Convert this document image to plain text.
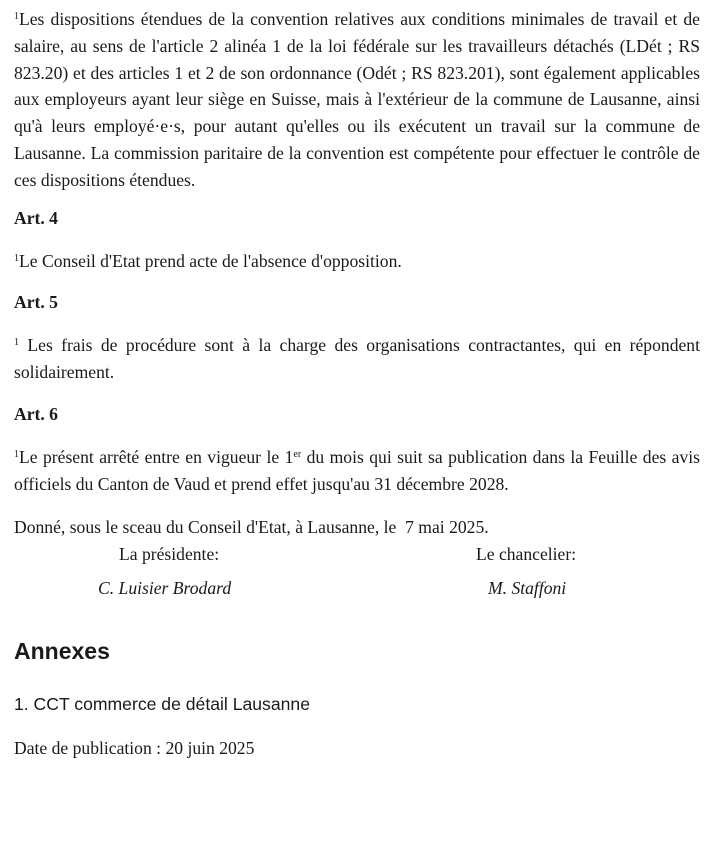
$^1$Les dispositions étendues de la convention relatives aux conditions minimales de travail et de salaire, au sens de l'article 2 alinéa 1 de la loi fédérale sur les travailleurs détachés (LDét ; RS 823.20) et des articles 1 et 2 de son ordonnance (Odét ; RS 823.201), sont également applicables aux employeurs ayant leur siège en Suisse, mais à l'extérieur de la commune de Lausanne, ainsi qu'à leurs employé·e·s, pour autant qu'elles ou ils exécutent un travail sur la commune de Lausanne. La commission paritaire de la convention est compétente pour effectuer le contrôle de ces dispositions étendues.

Art. 4

$^1$Le Conseil d'Etat prend acte de l'absence d'opposition.

Art. 5

$^1$ Les frais de procédure sont à la charge des organisations contractantes, qui en répondent solidairement.

Art. 6

$^1$Le présent arrêté entre en vigueur le 1er du mois qui suit sa publication dans la Feuille des avis officiels du Canton de Vaud et prend effet jusqu'au 31 décembre 2028.

Donné, sous le sceau du Conseil d'Etat, à Lausanne, le  7 mai 2025.

La présidente:	Le chancelier:
C. Luisier Brodard	M. Staffoni
Annexes
1. CCT commerce de détail Lausanne
Date de publication : 20 juin 2025
